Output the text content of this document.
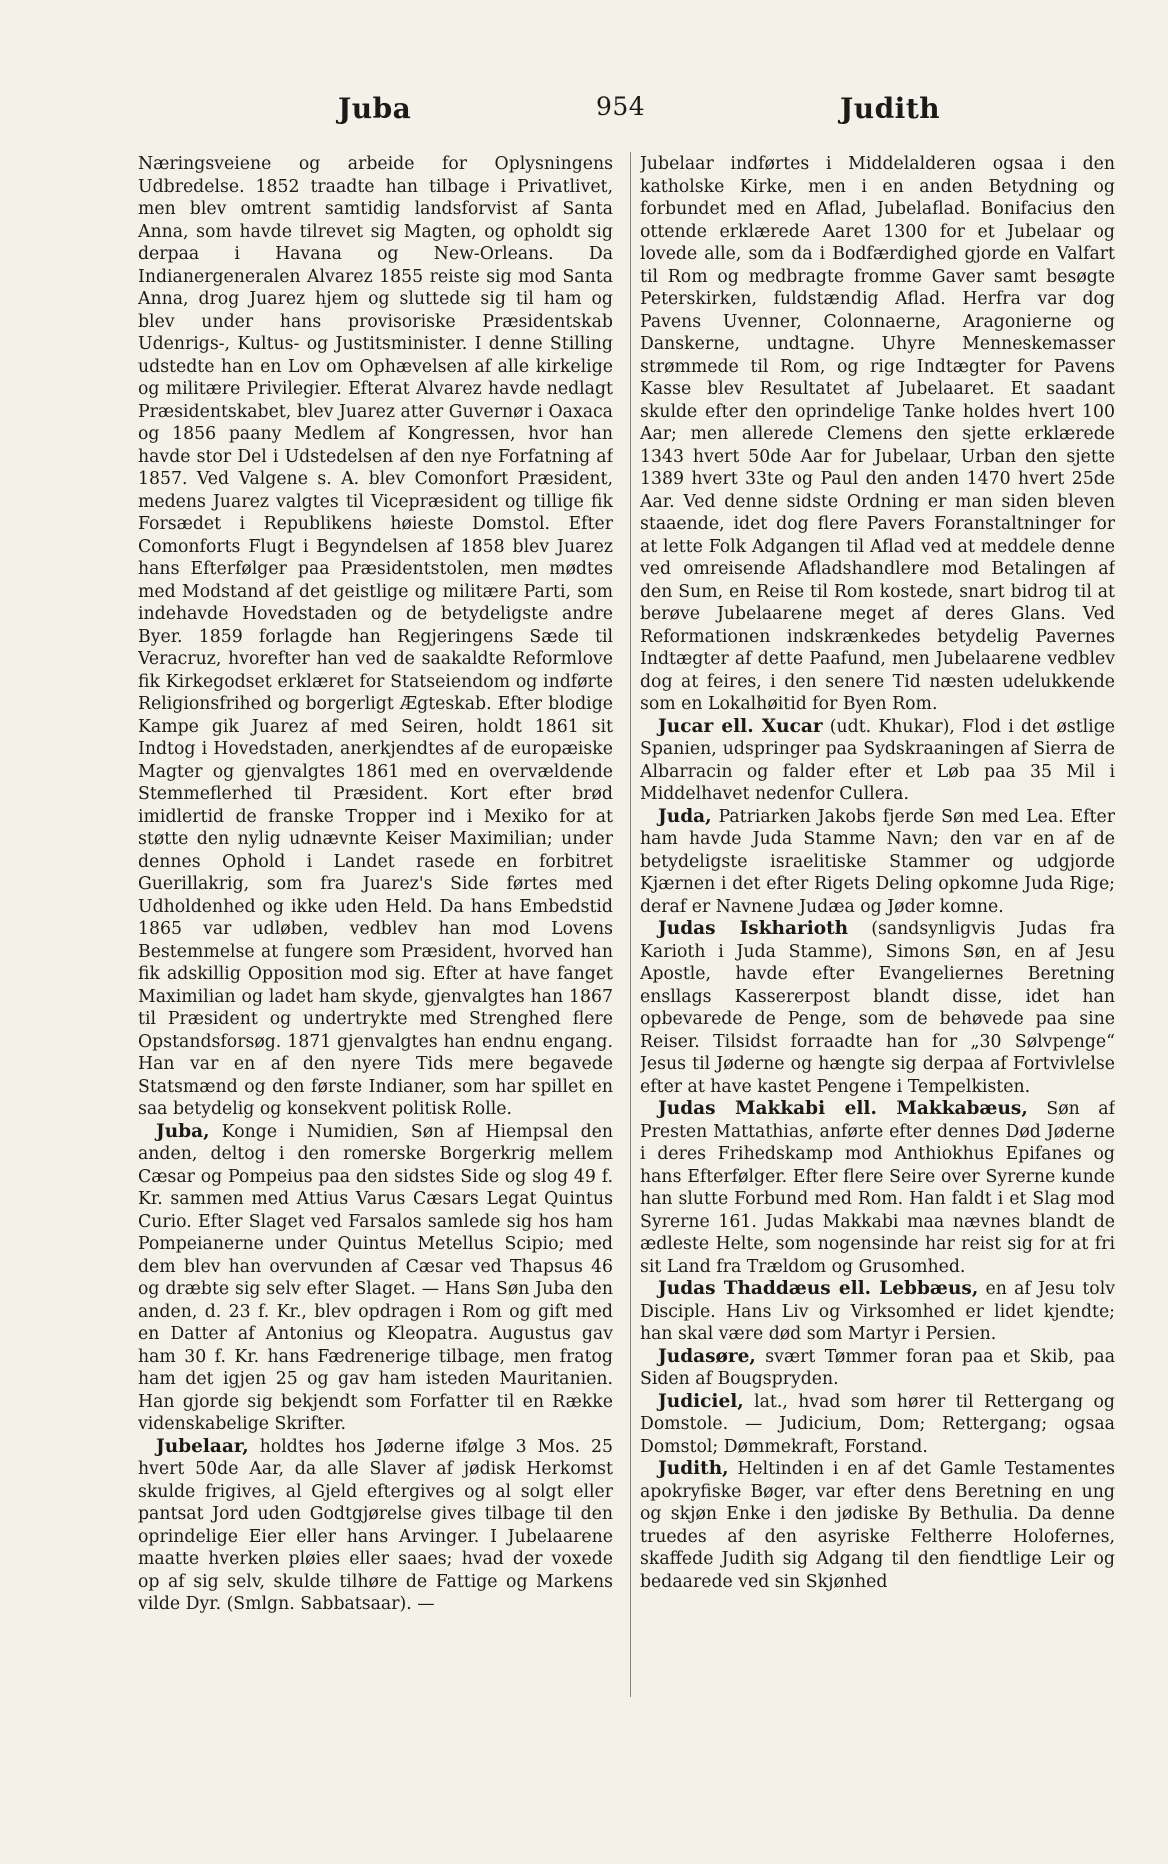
Juba	954	Judith

Næringsveiene og arbeide for Oplysningens Udbredelse. 1852 traadte han tilbage i Privatlivet, men blev omtrent samtidig landsforvist af Santa Anna, som havde tilrevet sig Magten, og opholdt sig derpaa i Havana og New-Orleans. Da Indianergeneralen Alvarez 1855 reiste sig mod Santa Anna, drog Juarez hjem og sluttede sig til ham og blev under hans provisoriske Præsidentskab Udenrigs-, Kultus- og Justitsminister. I denne Stilling udstedte han en Lov om Ophævelsen af alle kirkelige og militære Privilegier. Efterat Alvarez havde nedlagt Præsidentskabet, blev Juarez atter Guvernør i Oaxaca og 1856 paany Medlem af Kongressen, hvor han havde stor Del i Udstedelsen af den nye Forfatning af 1857. Ved Valgene s. A. blev Comonfort Præsident, medens Juarez valgtes til Vicepræsident og tillige fik Forsædet i Republikens høieste Domstol. Efter Comonforts Flugt i Begyndelsen af 1858 blev Juarez hans Efterfølger paa Præsidentstolen, men mødtes med Modstand af det geistlige og militære Parti, som indehavde Hovedstaden og de betydeligste andre Byer. 1859 forlagde han Regjeringens Sæde til Veracruz, hvorefter han ved de saakaldte Reformlove fik Kirkegodset erklæret for Statseiendom og indførte Religionsfrihed og borgerligt Ægteskab. Efter blodige Kampe gik Juarez af med Seiren, holdt 1861 sit Indtog i Hovedstaden, anerkjendtes af de europæiske Magter og gjenvalgtes 1861 med en overvældende Stemmeflerhed til Præsident. Kort efter brød imidlertid de franske Tropper ind i Mexiko for at støtte den nylig udnævnte Keiser Maximilian; under dennes Ophold i Landet rasede en forbitret Guerillakrig, som fra Juarez's Side førtes med Udholdenhed og ikke uden Held. Da hans Embedstid 1865 var udløben, vedblev han mod Lovens Bestemmelse at fungere som Præsident, hvorved han fik adskillig Opposition mod sig. Efter at have fanget Maximilian og ladet ham skyde, gjenvalgtes han 1867 til Præsident og undertrykte med Strenghed flere Opstandsforsøg. 1871 gjenvalgtes han endnu engang. Han var en af den nyere Tids mere begavede Statsmænd og den første Indianer, som har spillet en saa betydelig og konsekvent politisk Rolle.

Juba, Konge i Numidien, Søn af Hiempsal den anden, deltog i den romerske Borgerkrig mellem Cæsar og Pompeius paa den sidstes Side og slog 49 f. Kr. sammen med Attius Varus Cæsars Legat Quintus Curio. Efter Slaget ved Farsalos samlede sig hos ham Pompeianerne under Quintus Metellus Scipio; med dem blev han overvunden af Cæsar ved Thapsus 46 og dræbte sig selv efter Slaget. — Hans Søn Juba den anden, d. 23 f. Kr., blev opdragen i Rom og gift med en Datter af Antonius og Kleopatra. Augustus gav ham 30 f. Kr. hans Fædrenerige tilbage, men fratog ham det igjen 25 og gav ham isteden Mauritanien. Han gjorde sig bekjendt som Forfatter til en Række videnskabelige Skrifter.

Jubelaar, holdtes hos Jøderne ifølge 3 Mos. 25 hvert 50de Aar, da alle Slaver af jødisk Herkomst skulde frigives, al Gjeld eftergives og al solgt eller pantsat Jord uden Godtgjørelse gives tilbage til den oprindelige Eier eller hans Arvinger. I Jubelaarene maatte hverken pløies eller saaes; hvad der voxede op af sig selv, skulde tilhøre de Fattige og Markens vilde Dyr. (Smlgn. Sabbatsaar). —

Jubelaar indførtes i Middelalderen ogsaa i den katholske Kirke, men i en anden Betydning og forbundet med en Aflad, Jubelaflad. Bonifacius den ottende erklærede Aaret 1300 for et Jubelaar og lovede alle, som da i Bodfærdighed gjorde en Valfart til Rom og medbragte fromme Gaver samt besøgte Peterskirken, fuldstændig Aflad. Herfra var dog Pavens Uvenner, Colonnaerne, Aragonierne og Danskerne, undtagne. Uhyre Menneskemasser strømmede til Rom, og rige Indtægter for Pavens Kasse blev Resultatet af Jubelaaret. Et saadant skulde efter den oprindelige Tanke holdes hvert 100 Aar; men allerede Clemens den sjette erklærede 1343 hvert 50de Aar for Jubelaar, Urban den sjette 1389 hvert 33te og Paul den anden 1470 hvert 25de Aar. Ved denne sidste Ordning er man siden bleven staaende, idet dog flere Pavers Foranstaltninger for at lette Folk Adgangen til Aflad ved at meddele denne ved omreisende Afladshandlere mod Betalingen af den Sum, en Reise til Rom kostede, snart bidrog til at berøve Jubelaarene meget af deres Glans. Ved Reformationen indskrænkedes betydelig Pavernes Indtægter af dette Paafund, men Jubelaarene vedblev dog at feires, i den senere Tid næsten udelukkende som en Lokalhøitid for Byen Rom.

Jucar ell. Xucar (udt. Khukar), Flod i det østlige Spanien, udspringer paa Sydskraaningen af Sierra de Albarracin og falder efter et Løb paa 35 Mil i Middelhavet nedenfor Cullera.

Juda, Patriarken Jakobs fjerde Søn med Lea. Efter ham havde Juda Stamme Navn; den var en af de betydeligste israelitiske Stammer og udgjorde Kjærnen i det efter Rigets Deling opkomne Juda Rige; deraf er Navnene Judæa og Jøder komne.

Judas Iskharioth (sandsynligvis Judas fra Karioth i Juda Stamme), Simons Søn, en af Jesu Apostle, havde efter Evangeliernes Beretning ensllags Kassererpost blandt disse, idet han opbevarede de Penge, som de behøvede paa sine Reiser. Tilsidst forraadte han for „30 Sølvpenge“ Jesus til Jøderne og hængte sig derpaa af Fortvivlelse efter at have kastet Pengene i Tempelkisten.

Judas Makkabi ell. Makkabæus, Søn af Presten Mattathias, anførte efter dennes Død Jøderne i deres Frihedskamp mod Anthiokhus Epifanes og hans Efterfølger. Efter flere Seire over Syrerne kunde han slutte Forbund med Rom. Han faldt i et Slag mod Syrerne 161. Judas Makkabi maa nævnes blandt de ædleste Helte, som nogensinde har reist sig for at fri sit Land fra Trældom og Grusomhed.

Judas Thaddæus ell. Lebbæus, en af Jesu tolv Disciple. Hans Liv og Virksomhed er lidet kjendte; han skal være død som Martyr i Persien.

Judasøre, svært Tømmer foran paa et Skib, paa Siden af Bougspryden.

Judiciel, lat., hvad som hører til Rettergang og Domstole. — Judicium, Dom; Rettergang; ogsaa Domstol; Dømmekraft, Forstand.

Judith, Heltinden i en af det Gamle Testamentes apokryfiske Bøger, var efter dens Beretning en ung og skjøn Enke i den jødiske By Bethulia. Da denne truedes af den asyriske Feltherre Holofernes, skaffede Judith sig Adgang til den fiendtlige Leir og bedaarede ved sin Skjønhed
